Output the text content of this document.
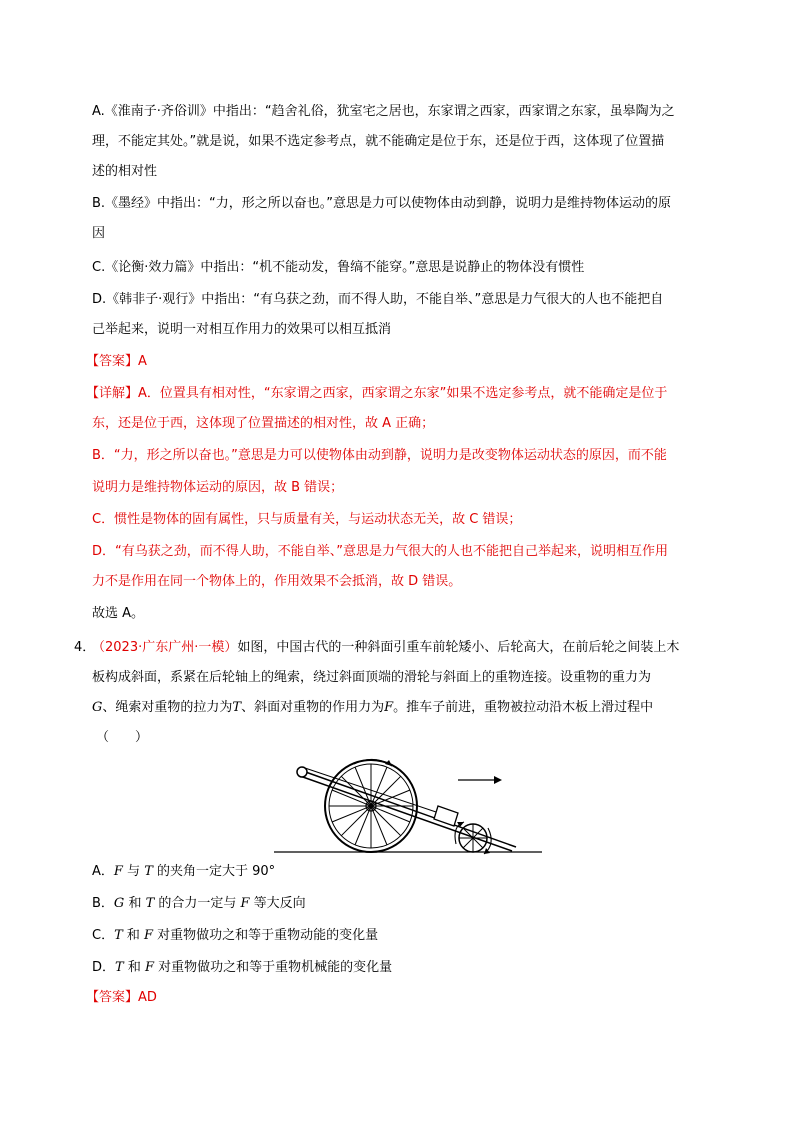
A.《淮南子·齐俗训》中指出：“趋舍礼俗，犹室宅之居也，东家谓之西家，西家谓之东家，虽皋陶为之
理，不能定其处。”就是说，如果不选定参考点，就不能确定是位于东，还是位于西，这体现了位置描
述的相对性
B.《墨经》中指出：“力，形之所以奋也。”意思是力可以使物体由动到静，说明力是维持物体运动的原
因
C.《论衡·效力篇》中指出：“机不能动发，鲁缟不能穿。”意思是说静止的物体没有惯性
D.《韩非子·观行》中指出：“有乌获之劲，而不得人助，不能自举、”意思是力气很大的人也不能把自
己举起来，说明一对相互作用力的效果可以相互抵消
【答案】A
【详解】A．位置具有相对性，“东家谓之西家，西家谓之东家”如果不选定参考点，就不能确定是位于
东，还是位于西，这体现了位置描述的相对性，故 A 正确；
B．“力，形之所以奋也。”意思是力可以使物体由动到静，说明力是改变物体运动状态的原因，而不能
说明力是维持物体运动的原因，故 B 错误；
C．惯性是物体的固有属性，只与质量有关，与运动状态无关，故 C 错误；
D．“有乌获之劲，而不得人助，不能自举、”意思是力气很大的人也不能把自己举起来，说明相互作用
力不是作用在同一个物体上的，作用效果不会抵消，故 D 错误。
故选 A。
4．
（2023·广东广州·一模）如图，中国古代的一种斜面引重车前轮矮小、后轮高大，在前后轮之间装上木
板构成斜面，系紧在后轮轴上的绳索，绕过斜面顶端的滑轮与斜面上的重物连接。设重物的重力为
G、绳索对重物的拉力为T、斜面对重物的作用力为F。推车子前进，重物被拉动沿木板上滑过程中
（　　）
A．F 与 T 的夹角一定大于 90°
B．G 和 T 的合力一定与 F 等大反向
C．T 和 F 对重物做功之和等于重物动能的变化量
D．T 和 F 对重物做功之和等于重物机械能的变化量
【答案】AD
